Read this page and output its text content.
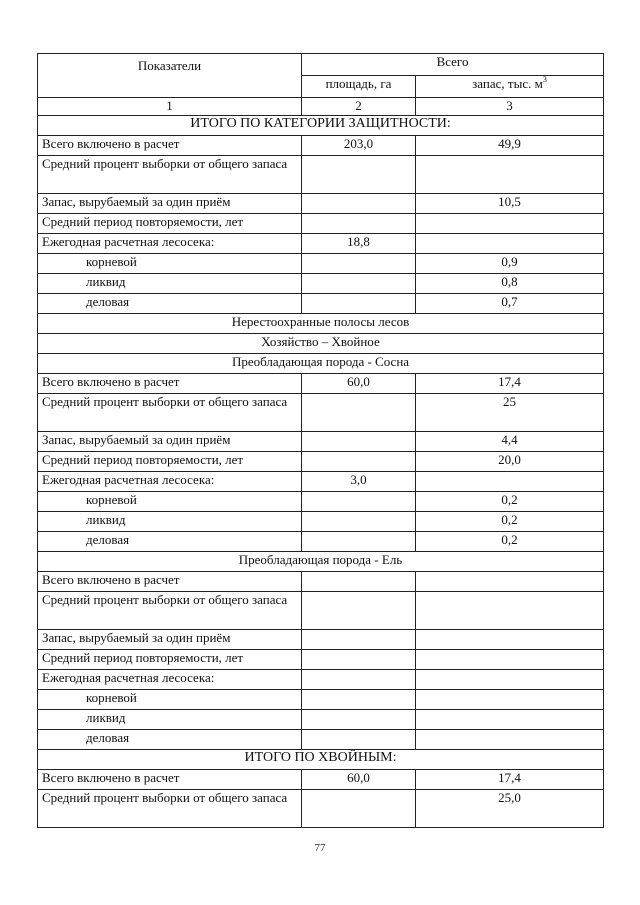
Показатели	Всего	
	площадь, га	запас, тыс. $м^3$
1	2	3
ИТОГО ПО КАТЕГОРИИ ЗАЩИТНОСТИ:		
Всего включено в расчет	203,0	49,9
Средний процент выборки от общего запаса		
Запас, вырубаемый за один приём		10,5
Средний период повторяемости, лет		
Ежегодная расчетная лесосека:	18,8	
корневой		0,9
ликвид		0,8
деловая		0,7
Нерестоохранные полосы лесов		
Хозяйство – Хвойное		
Преобладающая порода - Сосна		
Всего включено в расчет	60,0	17,4
Средний процент выборки от общего запаса		25
Запас, вырубаемый за один приём		4,4
Средний период повторяемости, лет		20,0
Ежегодная расчетная лесосека:	3,0	
корневой		0,2
ликвид		0,2
деловая		0,2
Преобладающая порода - Ель		
Всего включено в расчет		
Средний процент выборки от общего запаса		
Запас, вырубаемый за один приём		
Средний период повторяемости, лет		
Ежегодная расчетная лесосека:		
корневой		
ликвид		
деловая		
ИТОГО ПО ХВОЙНЫМ:		
Всего включено в расчет	60,0	17,4
Средний процент выборки от общего запаса		25,0
77
